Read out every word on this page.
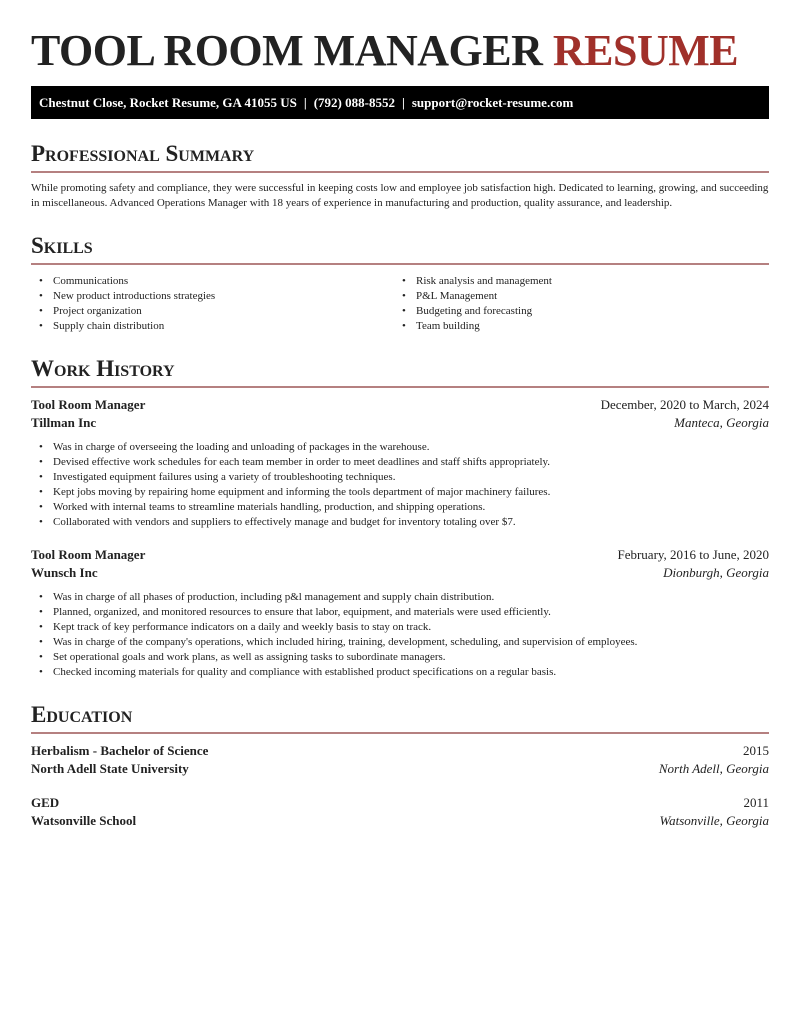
TOOL ROOM MANAGER RESUME
Chestnut Close, Rocket Resume, GA 41055 US | (792) 088-8552 | support@rocket-resume.com
Professional Summary

While promoting safety and compliance, they were successful in keeping costs low and employee job satisfaction high. Dedicated to learning, growing, and succeeding in miscellaneous. Advanced Operations Manager with 18 years of experience in manufacturing and production, quality assurance, and leadership.

Skills
• Communications
• New product introductions strategies
• Project organization
• Supply chain distribution
• Risk analysis and management
• P&L Management
• Budgeting and forecasting
• Team building
Work History
Tool Room Manager	December, 2020 to March, 2024
Tillman Inc	Manteca, Georgia
• Was in charge of overseeing the loading and unloading of packages in the warehouse.
• Devised effective work schedules for each team member in order to meet deadlines and staff shifts appropriately.
• Investigated equipment failures using a variety of troubleshooting techniques.
• Kept jobs moving by repairing home equipment and informing the tools department of major machinery failures.
• Worked with internal teams to streamline materials handling, production, and shipping operations.
• Collaborated with vendors and suppliers to effectively manage and budget for inventory totaling over $7.
Tool Room Manager	February, 2016 to June, 2020
Wunsch Inc	Dionburgh, Georgia
• Was in charge of all phases of production, including p&l management and supply chain distribution.
• Planned, organized, and monitored resources to ensure that labor, equipment, and materials were used efficiently.
• Kept track of key performance indicators on a daily and weekly basis to stay on track.
• Was in charge of the company's operations, which included hiring, training, development, scheduling, and supervision of employees.
• Set operational goals and work plans, as well as assigning tasks to subordinate managers.
• Checked incoming materials for quality and compliance with established product specifications on a regular basis.
Education
Herbalism - Bachelor of Science	2015
North Adell State University	North Adell, Georgia
GED	2011
Watsonville School	Watsonville, Georgia
